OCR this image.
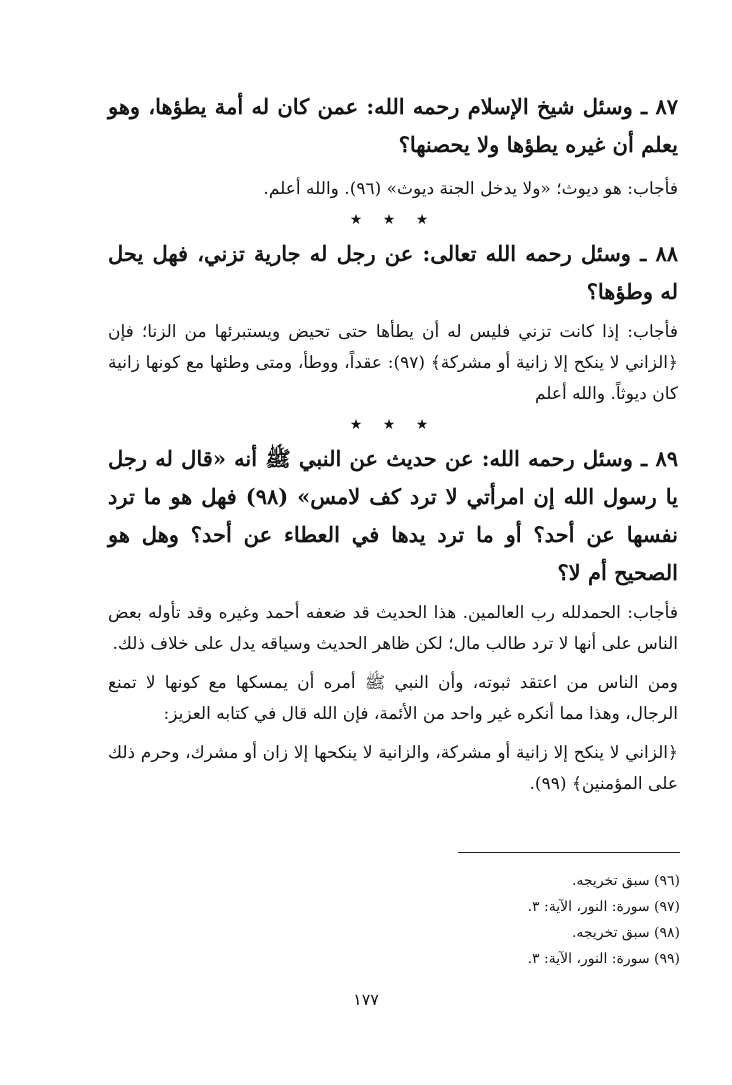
٨٧ ـ وسئل شيخ الإسلام رحمه الله: عمن كان له أمة يطؤها، وهو يعلم أن غيره يطؤها ولا يحصنها؟

فأجاب: هو ديوث؛ «ولا يدخل الجنة ديوث» (٩٦). والله أعلم.

★ ★ ★

٨٨ ـ وسئل رحمه الله تعالى: عن رجل له جارية تزني، فهل يحل له وطؤها؟

فأجاب: إذا كانت تزني فليس له أن يطأها حتى تحيض ويستبرئها من الزنا؛ فإن ﴿الزاني لا ينكح إلا زانية أو مشركة﴾ (٩٧): عقداً، ووطأ، ومتى وطئها مع كونها زانية كان ديوثاً. والله أعلم

★ ★ ★

٨٩ ـ وسئل رحمه الله: عن حديث عن النبي ﷺ أنه «قال له رجل يا رسول الله إن امرأتي لا ترد كف لامس» (٩٨) فهل هو ما ترد نفسها عن أحد؟ أو ما ترد يدها في العطاء عن أحد؟ وهل هو الصحيح أم لا؟

فأجاب: الحمدلله رب العالمين. هذا الحديث قد ضعفه أحمد وغيره وقد تأوله بعض الناس على أنها لا ترد طالب مال؛ لكن ظاهر الحديث وسياقه يدل على خلاف ذلك.

ومن الناس من اعتقد ثبوته، وأن النبي ﷺ أمره أن يمسكها مع كونها لا تمنع الرجال، وهذا مما أنكره غير واحد من الأئمة، فإن الله قال في كتابه العزيز:

﴿الزاني لا ينكح إلا زانية أو مشركة، والزانية لا ينكحها إلا زان أو مشرك، وحرم ذلك على المؤمنين﴾ (٩٩).

(٩٦) سبق تخريجه.

(٩٧) سورة: النور، الآية: ٣.

(٩٨) سبق تخريجه.

(٩٩) سورة: النور، الآية: ٣.

١٧٧
